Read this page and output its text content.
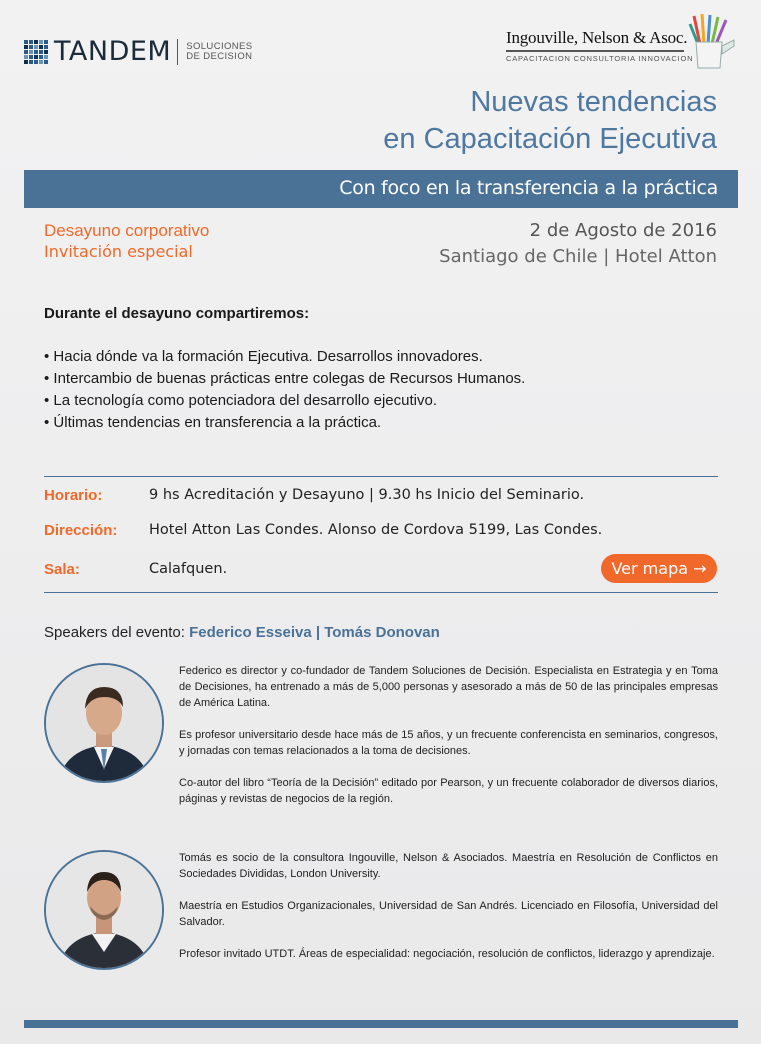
TANDEM SOLUCIONES
DE DECISION
Ingouville, Nelson & Asoc.
CAPACITACION CONSULTORIA INNOVACION
Nuevas tendencias
en Capacitación Ejecutiva
Con foco en la transferencia a la práctica
Desayuno corporativo
Invitación especial
2 de Agosto de 2016
Santiago de Chile | Hotel Atton
Durante el desayuno compartiremos:
• Hacia dónde va la formación Ejecutiva. Desarrollos innovadores.
• Intercambio de buenas prácticas entre colegas de Recursos Humanos.
• La tecnología como potenciadora del desarrollo ejecutivo.
• Últimas tendencias en transferencia a la práctica.
Horario:	9 hs Acreditación y Desayuno | 9.30 hs Inicio del Seminario.
Dirección: Hotel Atton Las Condes. Alonso de Cordova 5199, Las Condes.
Sala:	Calafquen.	Ver mapa →
Speakers del evento: Federico Esseiva | Tomás Donovan

Federico es director y co-fundador de Tandem Soluciones de Decisión. Especialista en Estrategia y en Toma de Decisiones, ha entrenado a más de 5,000 personas y asesorado a más de 50 de las principales empresas de América Latina.

Es profesor universitario desde hace más de 15 años, y un frecuente conferencista en seminarios, congresos, y jornadas con temas relacionados a la toma de decisiones.

Co-autor del libro “Teoría de la Decisión” editado por Pearson, y un frecuente colaborador de diversos diarios, páginas y revistas de negocios de la región.

Tomás es socio de la consultora Ingouville, Nelson & Asociados. Maestría en Resolución de Conflictos en Sociedades Divididas, London University.

Maestría en Estudios Organizacionales, Universidad de San Andrés. Licenciado en Filosofía, Universidad del Salvador.

Profesor invitado UTDT. Áreas de especialidad: negociación, resolución de conflictos, liderazgo y aprendizaje.
